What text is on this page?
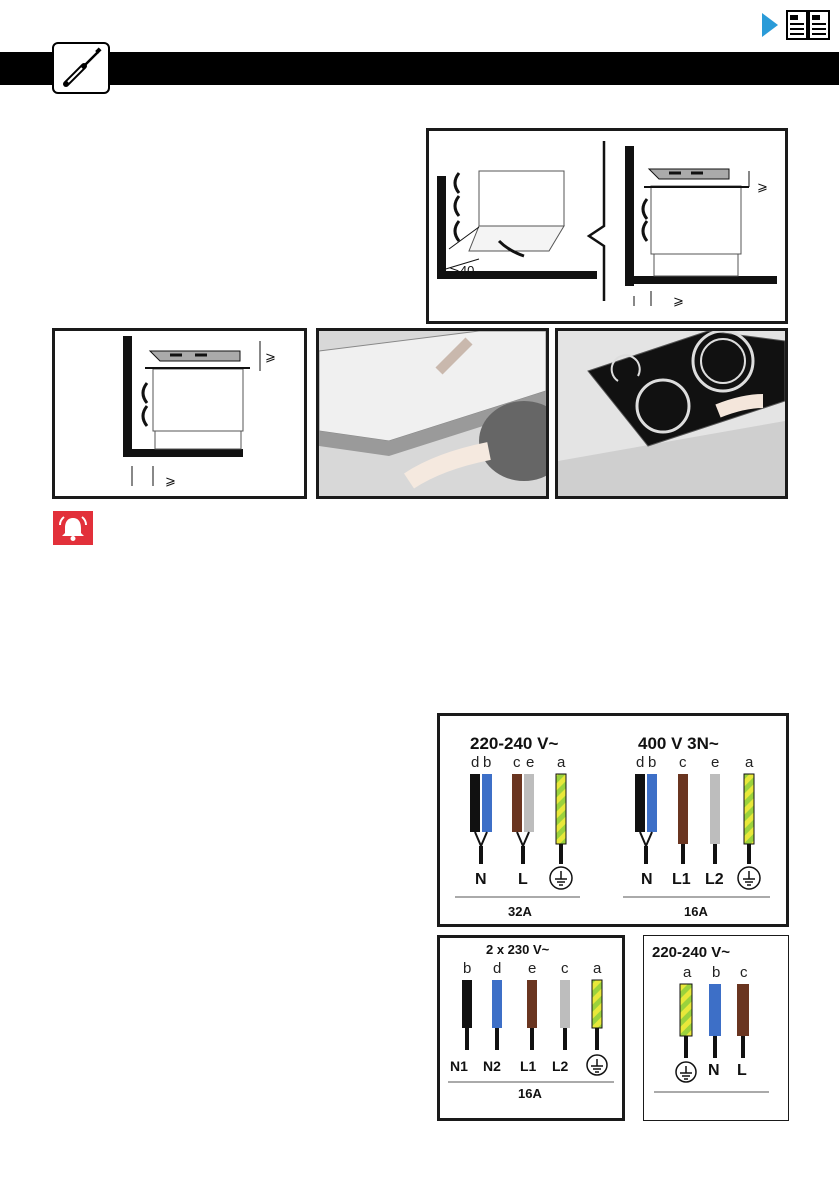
⩾40
⩾
⩾
⩾
⩾
220-240 V~	400 V 3N~
d b c e a	d b c e a
N L
32A
N L1 L2
16A
2 x 230 V~
b d e c a
N1 N2 L1 L2
16A
220-240 V~
a b c
N L
